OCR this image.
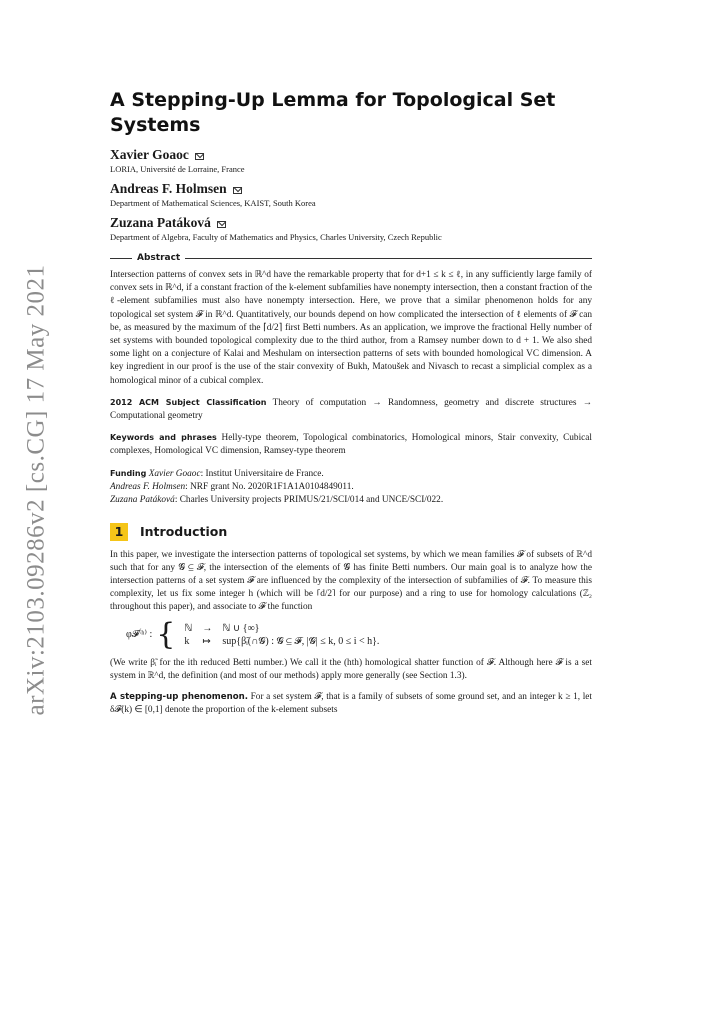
arXiv:2103.09286v2 [cs.CG] 17 May 2021
A Stepping-Up Lemma for Topological Set Systems
Xavier Goaoc
LORIA, Université de Lorraine, France
Andreas F. Holmsen
Department of Mathematical Sciences, KAIST, South Korea
Zuzana Patáková
Department of Algebra, Faculty of Mathematics and Physics, Charles University, Czech Republic
Abstract

Intersection patterns of convex sets in ℝ^d have the remarkable property that for d+1 ≤ k ≤ ℓ, in any sufficiently large family of convex sets in ℝ^d, if a constant fraction of the k-element subfamilies have nonempty intersection, then a constant fraction of the ℓ-element subfamilies must also have nonempty intersection. Here, we prove that a similar phenomenon holds for any topological set system 𝓕 in ℝ^d. Quantitatively, our bounds depend on how complicated the intersection of ℓ elements of 𝓕 can be, as measured by the maximum of the ⌈d/2⌉ first Betti numbers. As an application, we improve the fractional Helly number of set systems with bounded topological complexity due to the third author, from a Ramsey number down to d + 1. We also shed some light on a conjecture of Kalai and Meshulam on intersection patterns of sets with bounded homological VC dimension. A key ingredient in our proof is the use of the stair convexity of Bukh, Matoušek and Nivasch to recast a simplicial complex as a homological minor of a cubical complex.

2012 ACM Subject Classification Theory of computation → Randomness, geometry and discrete structures → Computational geometry

Keywords and phrases Helly-type theorem, Topological combinatorics, Homological minors, Stair convexity, Cubical complexes, Homological VC dimension, Ramsey-type theorem

Funding Xavier Goaoc: Institut Universitaire de France.
Andreas F. Holmsen: NRF grant No. 2020R1F1A1A0104849011.
Zuzana Patáková: Charles University projects PRIMUS/21/SCI/014 and UNCE/SCI/022.
1	Introduction

In this paper, we investigate the intersection patterns of topological set systems, by which we mean families 𝓕 of subsets of ℝ^d such that for any 𝓖 ⊆ 𝓕, the intersection of the elements of 𝓖 has finite Betti numbers. Our main goal is to analyze how the intersection patterns of a set system 𝓕 are influenced by the complexity of the intersection of subfamilies of 𝓕. To measure this complexity, let us fix some integer h (which will be ⌈d/2⌉ for our purpose) and a ring to use for homology calculations (ℤ₂ throughout this paper), and associate to 𝓕 the function

φ𝓕⁽ʰ⁾ : { ℕ	→	ℕ ∪ {∞}
k	↦	sup{β̃ᵢ(∩𝓖) : 𝓖 ⊆ 𝓕, |𝓖| ≤ k, 0 ≤ i < h}.

(We write β̃ᵢ for the ith reduced Betti number.) We call it the (hth) homological shatter function of 𝓕. Although here 𝓕 is a set system in ℝ^d, the definition (and most of our methods) apply more generally (see Section 1.3).

A stepping-up phenomenon. For a set system 𝓕, that is a family of subsets of some ground set, and an integer k ≥ 1, let δ𝓕(k) ∈ [0,1] denote the proportion of the k-element subsets
